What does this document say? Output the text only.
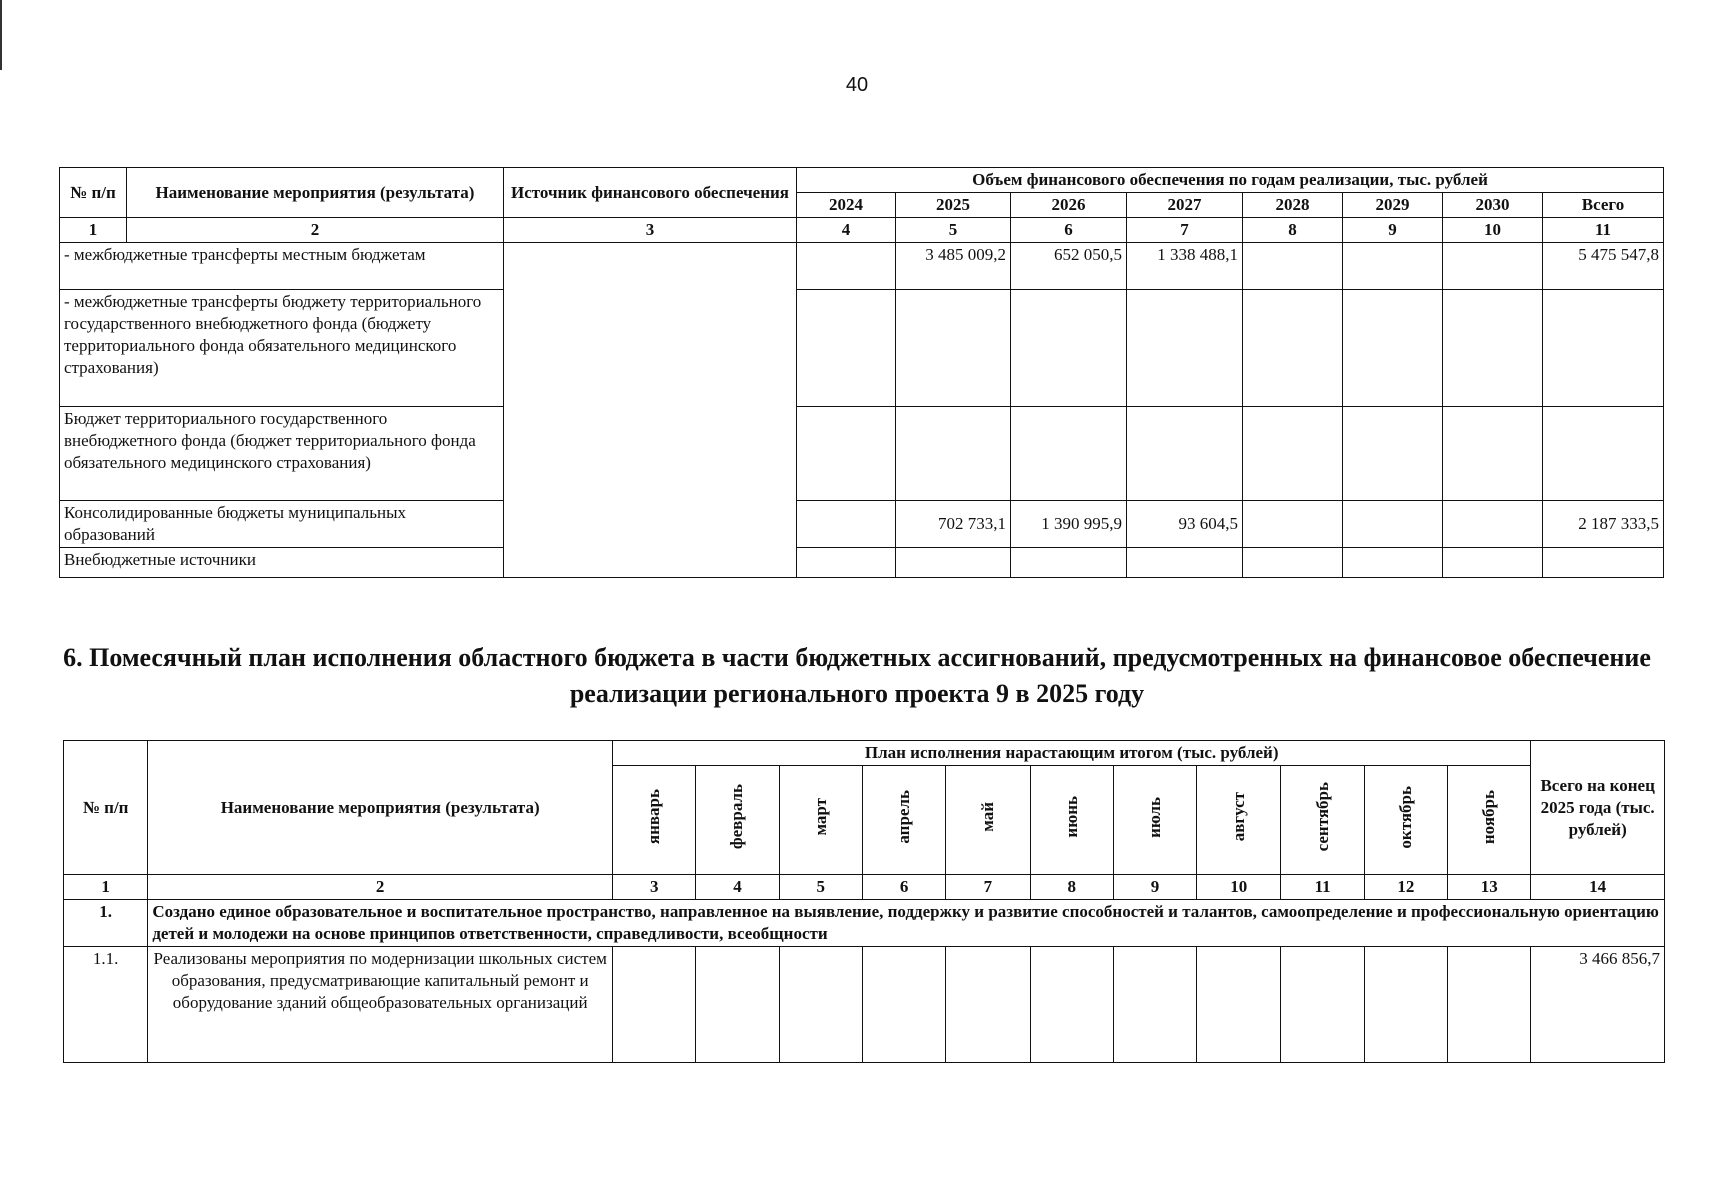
40
№ п/п	Наименование мероприятия (результата)	Источник финансового обеспечения	Объем финансового обеспечения по годам реализации, тыс. рублей							
			2024	2025	2026	2027	2028	2029	2030	Всего
1	2	3	4	5	6	7	8	9	10	11
- межбюджетные трансферты местным бюджетам				3 485 009,2	652 050,5	1 338 488,1				5 475 547,8
- межбюджетные трансферты бюджету территориального государственного внебюджетного фонда (бюджету территориального фонда обязательного медицинского страхования)										
Бюджет территориального государственного внебюджетного фонда (бюджет территориального фонда обязательного медицинского страхования)										
Консолидированные бюджеты муниципальных образований				702 733,1	1 390 995,9	93 604,5				2 187 333,5
Внебюджетные источники										
6. Помесячный план исполнения областного бюджета в части бюджетных ассигнований, предусмотренных на финансовое обеспечение реализации регионального проекта 9 в 2025 году
№ п/п	Наименование мероприятия (результата)	План исполнения нарастающим итогом (тыс. рублей)											Всего на конец 2025 года (тыс. рублей)
		январь	февраль	март	апрель	май	июнь	июль	август	сентябрь	октябрь	ноябрь	
1	2	3	4	5	6	7	8	9	10	11	12	13	14
1.	Создано единое образовательное и воспитательное пространство, направленное на выявление, поддержку и развитие способностей и талантов, самоопределение и профессиональную ориентацию детей и молодежи на основе принципов ответственности, справедливости, всеобщности												
1.1.	Реализованы мероприятия по модернизации школьных систем образования, предусматривающие капитальный ремонт и оборудование зданий общеобразовательных организаций												3 466 856,7
